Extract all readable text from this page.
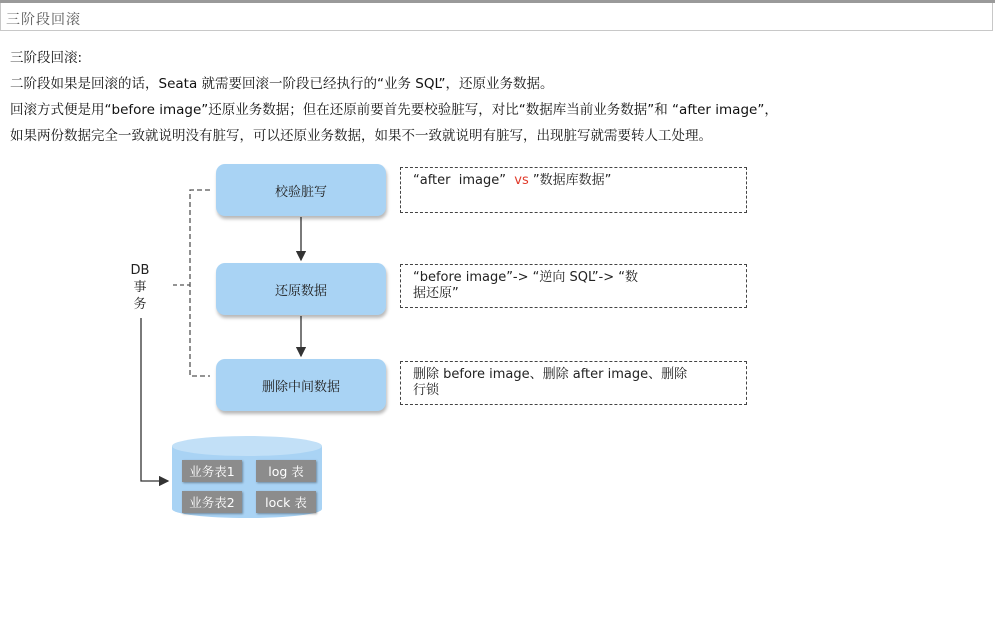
三阶段回滚
三阶段回滚:
二阶段如果是回滚的话，Seata 就需要回滚一阶段已经执行的“业务 SQL”，还原业务数据。
回滚方式便是用“before image”还原业务数据；但在还原前要首先要校验脏写，对比“数据库当前业务数据”和 “after image”，
如果两份数据完全一致就说明没有脏写，可以还原业务数据，如果不一致就说明有脏写，出现脏写就需要转人工处理。
DB
事
务
校验脏写
还原数据
删除中间数据
“after  image”  vs ”数据库数据”
“before image”-> “逆向 SQL”-> “数
据还原”
删除 before image、删除 after image、删除
行锁
业务表1	log 表
业务表2	lock 表
